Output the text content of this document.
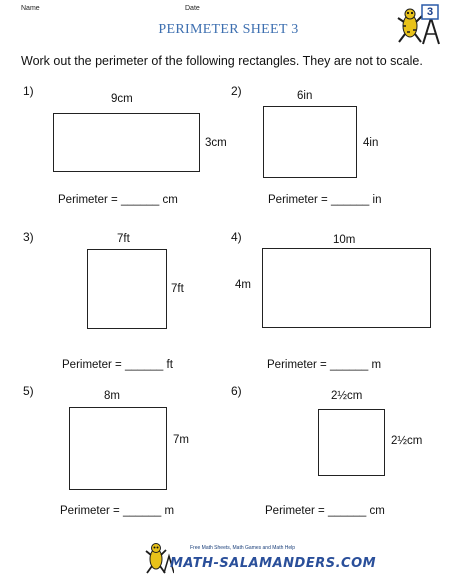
Name	Date	3
PERIMETER SHEET 3
Work out the perimeter of the following rectangles. They are not to scale.
1)
9cm
3cm
Perimeter = ______ cm
2)	6in
4in
Perimeter = ______ in
3)	7ft
7ft
Perimeter = ______ ft
4)	10m
4m
Perimeter = ______ m
5)	8m
7m
Perimeter = ______ m
6)	2½cm
2½cm
Perimeter = ______ cm
Free Math Sheets, Math Games and Math Help
MATH-SALAMANDERS.COM
